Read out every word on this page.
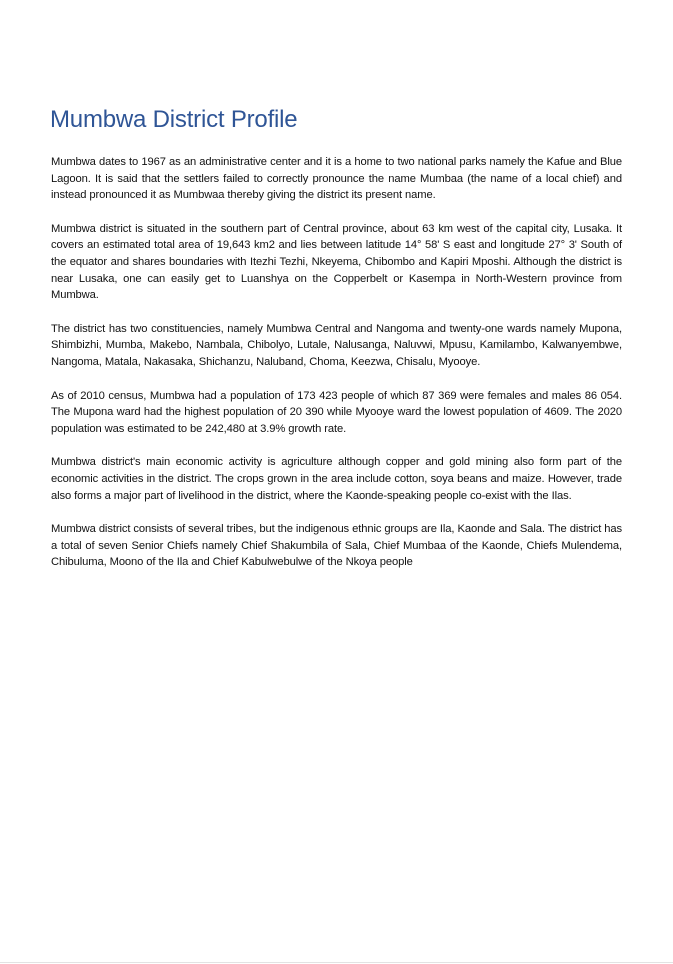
Mumbwa District Profile

Mumbwa dates to 1967 as an administrative center and it is a home to two national parks namely the Kafue and Blue Lagoon. It is said that the settlers failed to correctly pronounce the name Mumbaa (the name of a local chief) and instead pronounced it as Mumbwaa thereby giving the district its present name.

Mumbwa district is situated in the southern part of Central province, about 63 km west of the capital city, Lusaka. It covers an estimated total area of 19,643 km2 and lies between latitude 14° 58' S east and longitude 27° 3' South of the equator and shares boundaries with Itezhi Tezhi, Nkeyema, Chibombo and Kapiri Mposhi. Although the district is near Lusaka, one can easily get to Luanshya on the Copperbelt or Kasempa in North-Western province from Mumbwa.

The district has two constituencies, namely Mumbwa Central and Nangoma and twenty-one wards namely Mupona, Shimbizhi, Mumba, Makebo, Nambala, Chibolyo, Lutale, Nalusanga, Naluvwi, Mpusu, Kamilambo, Kalwanyembwe, Nangoma, Matala, Nakasaka, Shichanzu, Naluband, Choma, Keezwa, Chisalu, Myooye.

As of 2010 census, Mumbwa had a population of 173 423 people of which 87 369 were females and males 86 054. The Mupona ward had the highest population of 20 390 while Myooye ward the lowest population of 4609. The 2020 population was estimated to be 242,480 at 3.9% growth rate.

Mumbwa district's main economic activity is agriculture although copper and gold mining also form part of the economic activities in the district. The crops grown in the area include cotton, soya beans and maize. However, trade also forms a major part of livelihood in the district, where the Kaonde-speaking people co-exist with the Ilas.

Mumbwa district consists of several tribes, but the indigenous ethnic groups are Ila, Kaonde and Sala. The district has a total of seven Senior Chiefs namely Chief Shakumbila of Sala, Chief Mumbaa of the Kaonde, Chiefs Mulendema, Chibuluma, Moono of the Ila and Chief Kabulwebulwe of the Nkoya people
